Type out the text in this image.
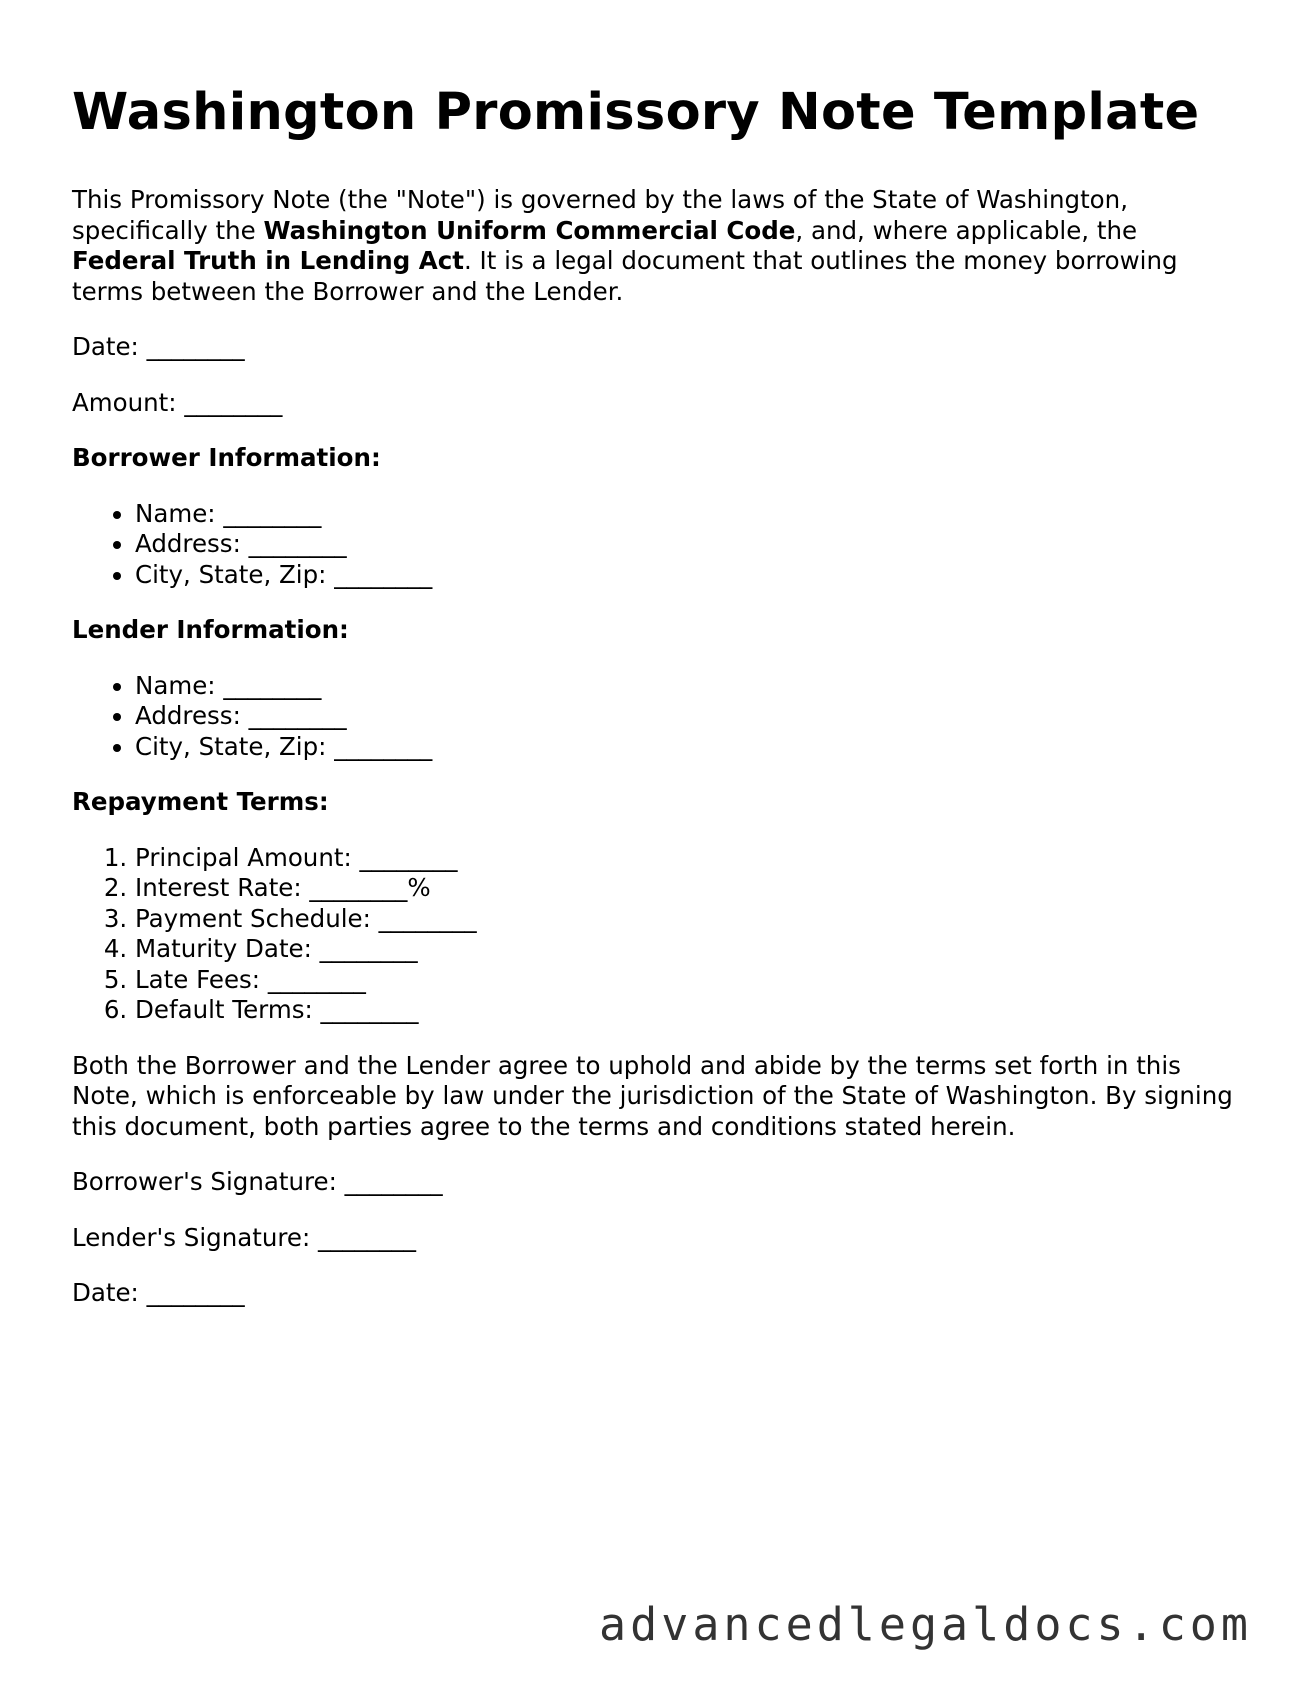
Washington Promissory Note Template

This Promissory Note (the "Note") is governed by the laws of the State of Washington, specifically the Washington Uniform Commercial Code, and, where applicable, the Federal Truth in Lending Act. It is a legal document that outlines the money borrowing terms between the Borrower and the Lender.

Date: ________

Amount: ________

Borrower Information:

• Name: ________
• Address: ________
• City, State, Zip: ________

Lender Information:

• Name: ________
• Address: ________
• City, State, Zip: ________

Repayment Terms:

1. Principal Amount: ________
2. Interest Rate: ________%
3. Payment Schedule: ________
4. Maturity Date: ________
5. Late Fees: ________
6. Default Terms: ________

Both the Borrower and the Lender agree to uphold and abide by the terms set forth in this Note, which is enforceable by law under the jurisdiction of the State of Washington. By signing this document, both parties agree to the terms and conditions stated herein.

Borrower's Signature: ________

Lender's Signature: ________

Date: ________

advancedlegaldocs.com
